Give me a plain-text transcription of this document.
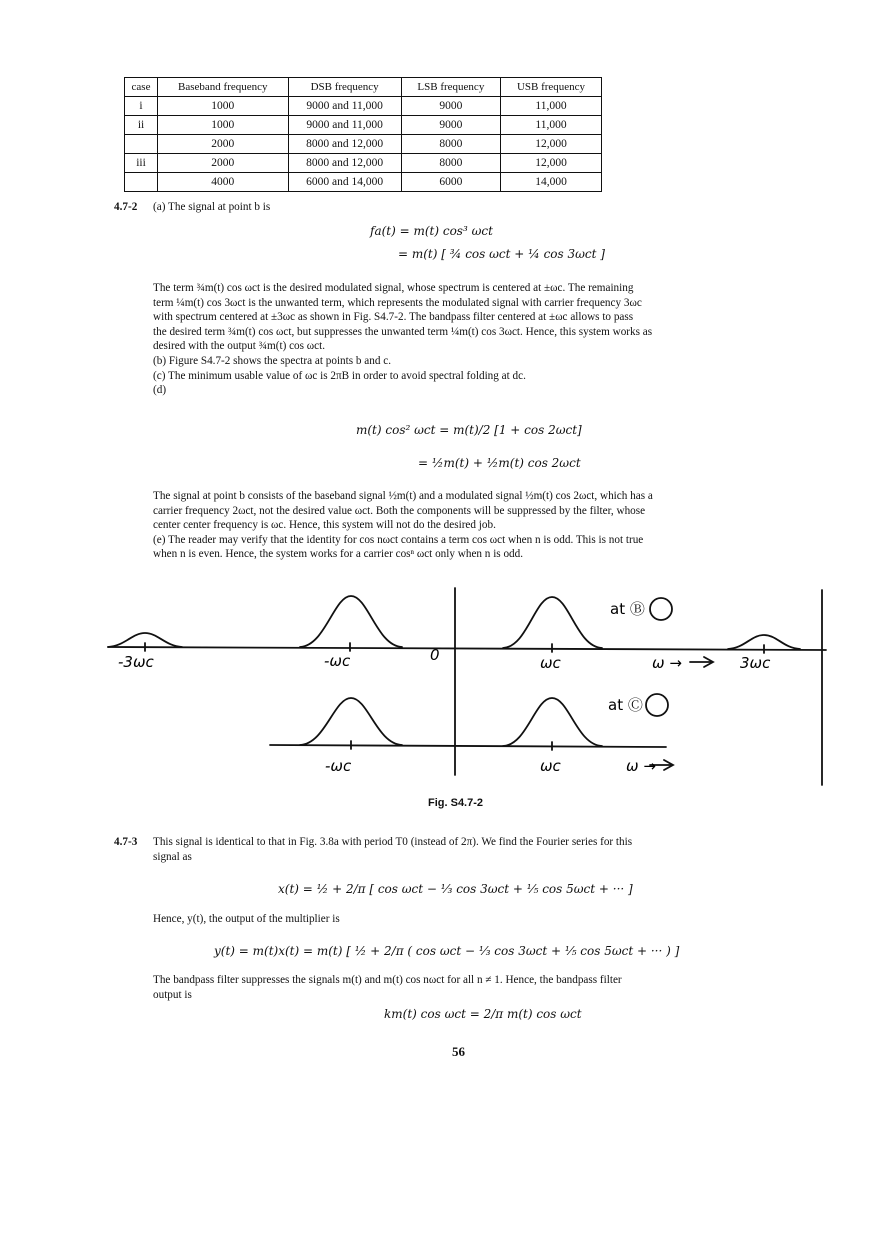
case	Baseband frequency	DSB frequency	LSB frequency	USB frequency
i	1000	9000 and 11,000	9000	11,000
ii	1000	9000 and 11,000	9000	11,000
	2000	8000 and 12,000	8000	12,000
iii	2000	8000 and 12,000	8000	12,000
	4000	6000 and 14,000	6000	14,000
4.7-2 (a) The signal at point b is
fa(t) = m(t) cos³ ωct
= m(t) [ ¾ cos ωct + ¼ cos 3ωct ]
The term ¾m(t) cos ωct is the desired modulated signal, whose spectrum is centered at ±ωc. The remaining
term ¼m(t) cos 3ωct is the unwanted term, which represents the modulated signal with carrier frequency 3ωc
with spectrum centered at ±3ωc as shown in Fig. S4.7-2. The bandpass filter centered at ±ωc allows to pass
the desired term ¾m(t) cos ωct, but suppresses the unwanted term ¼m(t) cos 3ωct. Hence, this system works as
desired with the output ¾m(t) cos ωct.
(b) Figure S4.7-2 shows the spectra at points b and c.
(c) The minimum usable value of ωc is 2πB in order to avoid spectral folding at dc.
(d)
m(t) cos² ωct = m(t)/2 [1 + cos 2ωct]
= ½m(t) + ½m(t) cos 2ωct
The signal at point b consists of the baseband signal ½m(t) and a modulated signal ½m(t) cos 2ωct, which has a
carrier frequency 2ωct, not the desired value ωct. Both the components will be suppressed by the filter, whose
center center frequency is ωc. Hence, this system will not do the desired job.
(e) The reader may verify that the identity for cos nωct contains a term cos ωct when n is odd. This is not true
when n is even. Hence, the system works for a carrier cosⁿ ωct only when n is odd.
-3ωc	-ωc	0	ωc	ω →	3ωc
at Ⓑ
at Ⓒ
-ωc	ωc	ω →
Fig. S4.7-2
4.7-3 This signal is identical to that in Fig. 3.8a with period T0 (instead of 2π). We find the Fourier series for this
signal as
x(t) = ½ + 2/π [ cos ωct − ⅓ cos 3ωct + ⅕ cos 5ωct + ··· ]
Hence, y(t), the output of the multiplier is
y(t) = m(t)x(t) = m(t) [ ½ + 2/π ( cos ωct − ⅓ cos 3ωct + ⅕ cos 5ωct + ··· ) ]
The bandpass filter suppresses the signals m(t) and m(t) cos nωct for all n ≠ 1. Hence, the bandpass filter
output is
km(t) cos ωct = 2/π m(t) cos ωct
56
